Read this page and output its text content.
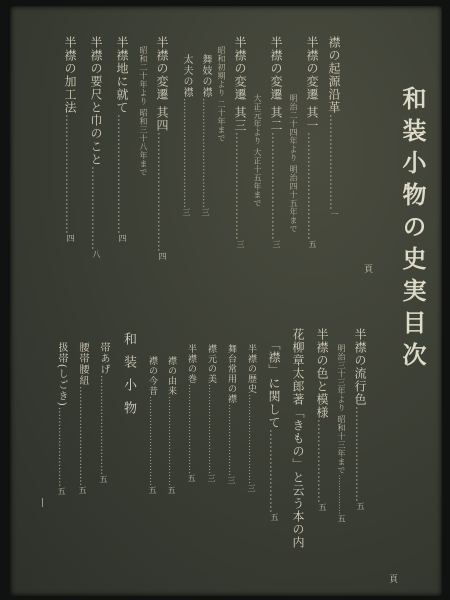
和装小物の史実目次
頁
襟の起源沿革……………………一
半襟の変遷 其一………………………五
明治二十四年より 明治四十五年まで
半襟の変遷 其二………………………三
大正元年より 大正十五年まで
半襟の変遷 其三………………………三
昭和初期より 二十年まで
舞妓の襟……………………………三
太夫の襟……………………………三
半襟の変遷 其四…………………………四
昭和二十年より 昭和三十八年まで
半襟地に就て…………………………四
半襟の要尺と巾のこと…………………八
半襟の加工法…………………………四
頁
半襟の流行色……………………五
明治三十三年より 昭和十三年まで……………五
半襟の色と模様…………………五
花柳章太郎著「きもの」と云う本の内
「襟」に関して…………………五
半襟の歴史…………………………三
舞台常用の襟……………………三
襟元の美…………………………三
半襟の巻…………………………五
襟の由来…………………………五
襟の今昔…………………………五
和装小物
帯あげ…………………………五
腰帯腰紐…………………………五
扱帯(しごき)……………………五
